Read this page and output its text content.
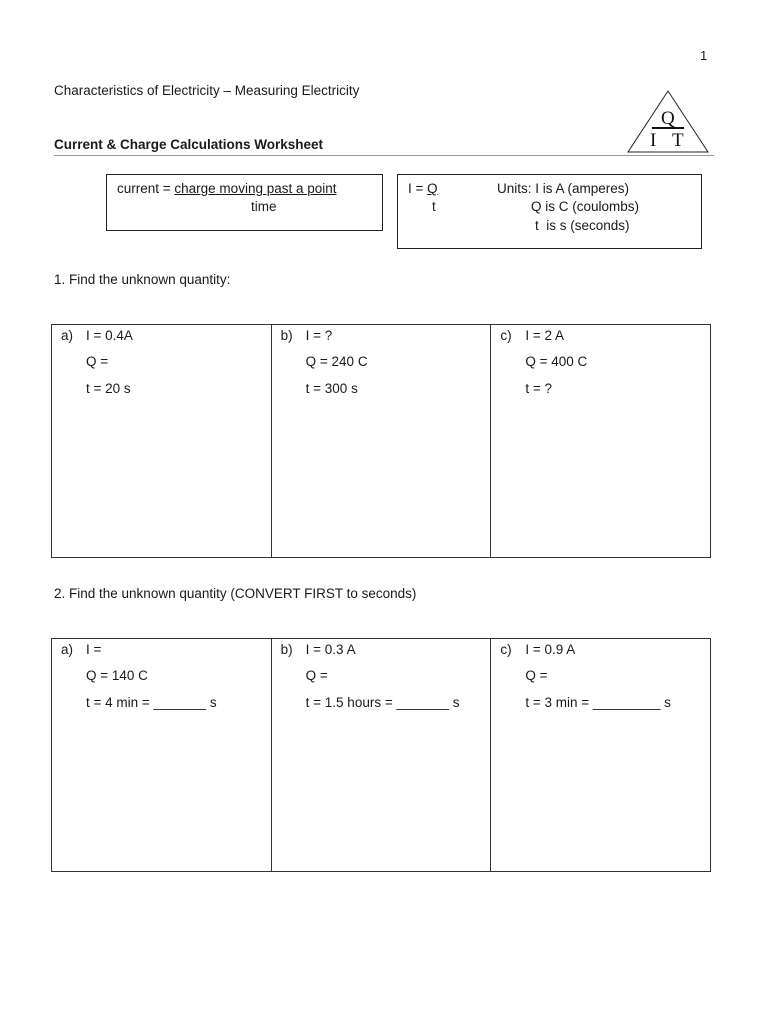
1
Characteristics of Electricity – Measuring Electricity
Q
I T
Current & Charge Calculations Worksheet
current = charge moving past a point
time
I = Q
t
Units: I is A (amperes)
Q is C (coulombs)
t  is s (seconds)
1. Find the unknown quantity:
a) I = 0.4A
Q =
t = 20 s

b) I = ?
Q = 240 C
t = 300 s

c) I = 2 A
Q = 400 C
t = ?
2. Find the unknown quantity (CONVERT FIRST to seconds)
a) I =
Q = 140 C
t = 4 min = _______ s

b) I = 0.3 A
Q =
t = 1.5 hours = _______ s

c) I = 0.9 A
Q =
t = 3 min = _________ s
